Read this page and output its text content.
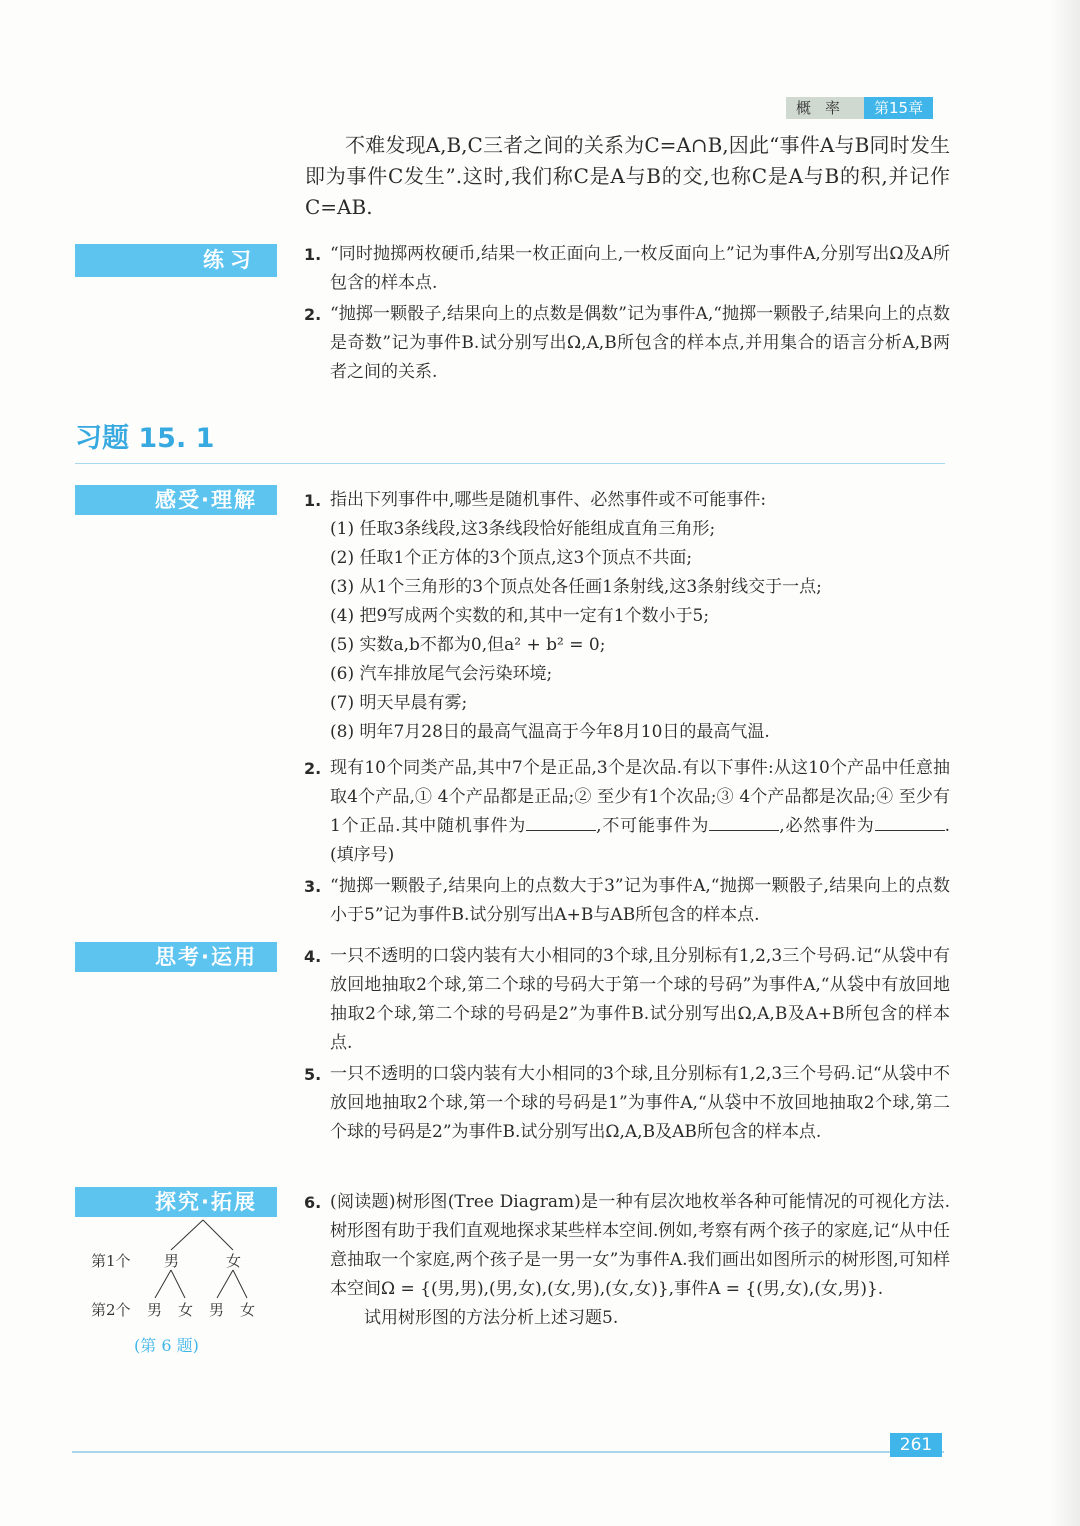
概率	第15章

不难发现A,B,C三者之间的关系为C=A∩B,因此“事件A与B同时发生即为事件C发生”.这时,我们称C是A与B的交,也称C是A与B的积,并记作C=AB.

练习	1. “同时抛掷两枚硬币,结果一枚正面向上,一枚反面向上”记为事件A,分别写出Ω及A所包含的样本点.
2. “抛掷一颗骰子,结果向上的点数是偶数”记为事件A,“抛掷一颗骰子,结果向上的点数是奇数”记为事件B.试分别写出Ω,A,B所包含的样本点,并用集合的语言分析A,B两者之间的关系.
习题 15. 1
感受·理解	1. 指出下列事件中,哪些是随机事件、必然事件或不可能事件:
(1) 任取3条线段,这3条线段恰好能组成直角三角形;
(2) 任取1个正方体的3个顶点,这3个顶点不共面;
(3) 从1个三角形的3个顶点处各任画1条射线,这3条射线交于一点;
(4) 把9写成两个实数的和,其中一定有1个数小于5;
(5) 实数a,b不都为0,但a² + b² = 0;
(6) 汽车排放尾气会污染环境;
(7) 明天早晨有雾;
(8) 明年7月28日的最高气温高于今年8月10日的最高气温.
2. 现有10个同类产品,其中7个是正品,3个是次品.有以下事件:从这10个产品中任意抽取4个产品,① 4个产品都是正品;② 至少有1个次品;③ 4个产品都是次品;④ 至少有1个正品.其中随机事件为	,不可能事件为	,必然事件为	.(填序号)
3. “抛掷一颗骰子,结果向上的点数大于3”记为事件A,“抛掷一颗骰子,结果向上的点数小于5”记为事件B.试分别写出A+B与AB所包含的样本点.
思考·运用	4. 一只不透明的口袋内装有大小相同的3个球,且分别标有1,2,3三个号码.记“从袋中有放回地抽取2个球,第二个球的号码大于第一个球的号码”为事件A,“从袋中有放回地抽取2个球,第二个球的号码是2”为事件B.试分别写出Ω,A,B及A+B所包含的样本点.
5. 一只不透明的口袋内装有大小相同的3个球,且分别标有1,2,3三个号码.记“从袋中不放回地抽取2个球,第一个球的号码是1”为事件A,“从袋中不放回地抽取2个球,第二个球的号码是2”为事件B.试分别写出Ω,A,B及AB所包含的样本点.
探究·拓展	6. (阅读题)树形图(Tree Diagram)是一种有层次地枚举各种可能情况的可视化方法.树形图有助于我们直观地探求某些样本空间.例如,考察有两个孩子的家庭,记“从中任意抽取一个家庭,两个孩子是一男一女”为事件A.我们画出如图所示的树形图,可知样本空间Ω = {(男,男),(男,女),(女,男),(女,女)},事件A = {(男,女),(女,男)}.
试用树形图的方法分析上述习题5.
第1个 男	女
第2个 男 女 男 女
(第 6 题)
261
